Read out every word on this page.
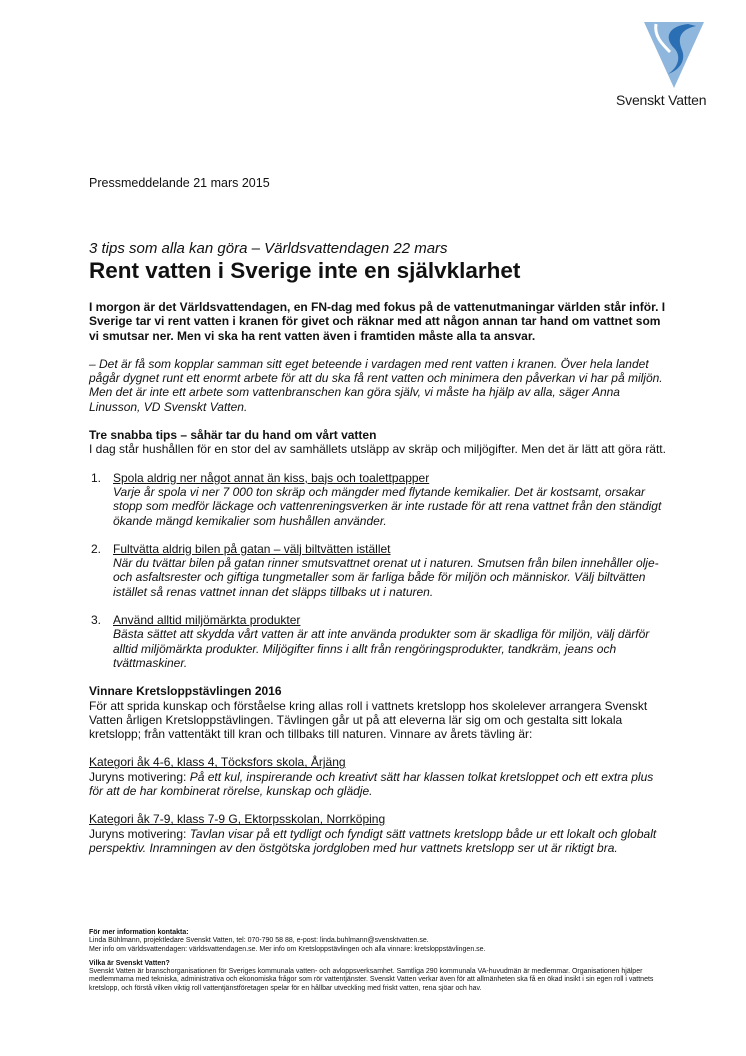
Svenskt Vatten
Pressmeddelande 21 mars 2015

3 tips som alla kan göra – Världsvattendagen 22 mars

Rent vatten i Sverige inte en självklarhet

I morgon är det Världsvattendagen, en FN-dag med fokus på de vattenutmaningar världen står inför. I Sverige tar vi rent vatten i kranen för givet och räknar med att någon annan tar hand om vattnet som vi smutsar ner. Men vi ska ha rent vatten även i framtiden måste alla ta ansvar.

– Det är få som kopplar samman sitt eget beteende i vardagen med rent vatten i kranen. Över hela landet pågår dygnet runt ett enormt arbete för att du ska få rent vatten och minimera den påverkan vi har på miljön. Men det är inte ett arbete som vattenbranschen kan göra själv, vi måste ha hjälp av alla, säger Anna Linusson, VD Svenskt Vatten.

Tre snabba tips – såhär tar du hand om vårt vatten

I dag står hushållen för en stor del av samhällets utsläpp av skräp och miljögifter. Men det är lätt att göra rätt.

1. Spola aldrig ner något annat än kiss, bajs och toalettpapper
Varje år spola vi ner 7 000 ton skräp och mängder med flytande kemikalier. Det är kostsamt, orsakar stopp som medför läckage och vattenreningsverken är inte rustade för att rena vattnet från den ständigt ökande mängd kemikalier som hushållen använder.
2. Fultvätta aldrig bilen på gatan – välj biltvätten istället
När du tvättar bilen på gatan rinner smutsvattnet orenat ut i naturen. Smutsen från bilen innehåller olje- och asfaltsrester och giftiga tungmetaller som är farliga både för miljön och människor. Välj biltvätten istället så renas vattnet innan det släpps tillbaks ut i naturen.
3. Använd alltid miljömärkta produkter
Bästa sättet att skydda vårt vatten är att inte använda produkter som är skadliga för miljön, välj därför alltid miljömärkta produkter. Miljögifter finns i allt från rengöringsprodukter, tandkräm, jeans och tvättmaskiner.

Vinnare Kretsloppstävlingen 2016

För att sprida kunskap och förståelse kring allas roll i vattnets kretslopp hos skolelever arrangera Svenskt Vatten årligen Kretsloppstävlingen. Tävlingen går ut på att eleverna lär sig om och gestalta sitt lokala kretslopp; från vattentäkt till kran och tillbaks till naturen. Vinnare av årets tävling är:

Kategori åk 4-6, klass 4, Töcksfors skola, Årjäng

Juryns motivering: På ett kul, inspirerande och kreativt sätt har klassen tolkat kretsloppet och ett extra plus för att de har kombinerat rörelse, kunskap och glädje.

Kategori åk 7-9, klass 7-9 G, Ektorpsskolan, Norrköping

Juryns motivering: Tavlan visar på ett tydligt och fyndigt sätt vattnets kretslopp både ur ett lokalt och globalt perspektiv. Inramningen av den östgötska jordgloben med hur vattnets kretslopp ser ut är riktigt bra.

För mer information kontakta:
Linda Bühlmann, projektledare Svenskt Vatten, tel: 070-790 58 88, e-post: linda.buhlmann@svensktvatten.se.
Mer info om världsvattendagen: världsvattendagen.se. Mer info om Kretsloppstävlingen och alla vinnare: kretsloppstävlingen.se.
Vilka är Svenskt Vatten?
Svenskt Vatten är branschorganisationen för Sveriges kommunala vatten- och avloppsverksamhet. Samtliga 290 kommunala VA-huvudmän är medlemmar. Organisationen hjälper medlemmarna med tekniska, administrativa och ekonomiska frågor som rör vattentjänster. Svenskt Vatten verkar även för att allmänheten ska få en ökad insikt i sin egen roll i vattnets kretslopp, och förstå vilken viktig roll vattentjänstföretagen spelar för en hållbar utveckling med friskt vatten, rena sjöar och hav.
